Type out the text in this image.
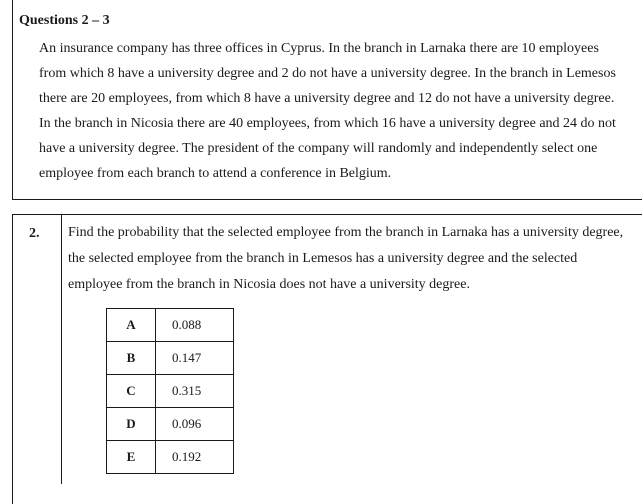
Questions 2 – 3
An insurance company has three offices in Cyprus. In the branch in Larnaka there are 10 employees
from which 8 have a university degree and 2 do not have a university degree. In the branch in Lemesos
there are 20 employees, from which 8 have a university degree and 12 do not have a university degree.
In the branch in Nicosia there are 40 employees, from which 16 have a university degree and 24 do not
have a university degree. The president of the company will randomly and independently select one
employee from each branch to attend a conference in Belgium.
2. Find the probability that the selected employee from the branch in Larnaka has a university degree,
the selected employee from the branch in Lemesos has a university degree and the selected
employee from the branch in Nicosia does not have a university degree.
A	0.088
B	0.147
C	0.315
D	0.096
E	0.192
